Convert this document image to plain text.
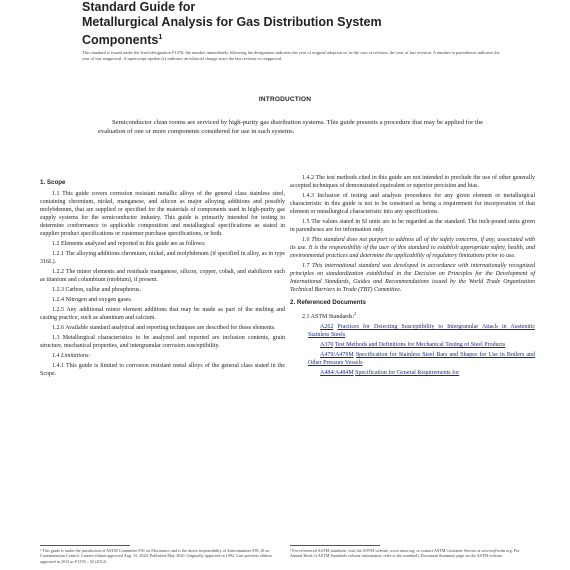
Standard Guide for
Metallurgical Analysis for Gas Distribution System
Components$^1$
This standard is issued under the fixed designation F1376; the number immediately following the designation indicates the year of original adoption or, in the case of revision, the year of last revision. A number in parentheses indicates the year of last reapproval. A superscript epsilon (ε) indicates an editorial change since the last revision or reapproval.
INTRODUCTION
Semiconductor clean rooms are serviced by high-purity gas distribution systems. This guide presents a procedure that may be applied for the evaluation of one or more components considered for use in such systems.
1. Scope

1.1 This guide covers corrosion resistant metallic alloys of the general class stainless steel, containing chromium, nickel, manganese, and silicon as major alloying additions and possibly molybdenum, that are supplied or specified for the materials of components used in high-purity gas supply systems for the semiconductor industry. This guide is primarily intended for testing to determine conformance to applicable composition and metallurgical specifications as stated in supplier product specifications or customer purchase specifications, or both.

1.2 Elements analyzed and reported in this guide are as follows:

1.2.1 The alloying additions chromium, nickel, and molybdenum (if specified in alloy, as in type 316L).

1.2.2 The minor elements and residuals manganese, silicon, copper, cobalt, and stabilizers such as titanium and columbium (niobium), if present.

1.2.3 Carbon, sulfur and phosphorus.

1.2.4 Nitrogen and oxygen gases.

1.2.5 Any additional minor element additions that may be made as part of the melting and casting practice, such as aluminum and calcium.

1.2.6 Available standard analytical and reporting techniques are described for these elements.

1.3 Metallurgical characteristics to be analyzed and reported are inclusion contents, grain structure, mechanical properties, and intergranular corrosion susceptibility.

1.4 Limitations:

1.4.1 This guide is limited to corrosion resistant metal alloys of the general class stated in the Scope.

¹ This guide is under the jurisdiction of ASTM Committee F01 on Electronics and is the direct responsibility of Subcommittee F01.10 on Contamination Control. Current edition approved Aug. 15, 2020. Published May 2020. Originally approved in 1992. Last previous edition approved in 2012 as F1376 – 92 (2012).

1.4.2 The test methods cited in this guide are not intended to preclude the use of other generally accepted techniques of demonstrated equivalent or superior precision and bias.

1.4.3 Inclusion of testing and analysis procedures for any given element or metallurgical characteristic in this guide is not to be construed as being a requirement for incorporation of that element or metallurgical characteristic into any specifications.

1.5 The values stated in SI units are to be regarded as the standard. The inch-pound units given in parentheses are for information only.

1.6 This standard does not purport to address all of the safety concerns, if any, associated with its use. It is the responsibility of the user of this standard to establish appropriate safety, health, and environmental practices and determine the applicability of regulatory limitations prior to use.

1.7 This international standard was developed in accordance with internationally recognized principles on standardization established in the Decision on Principles for the Development of International Standards, Guides and Recommendations issued by the World Trade Organization Technical Barriers to Trade (TBT) Committee.

2. Referenced Documents

2.1 ASTM Standards:$^2$

A262 Practices for Detecting Susceptibility to Intergranular Attack in Austenitic Stainless Steels

A370 Test Methods and Definitions for Mechanical Testing of Steel Products

A479/A479M Specification for Stainless Steel Bars and Shapes for Use in Boilers and Other Pressure Vessels

A484/A484M Specification for General Requirements for

² For referenced ASTM standards, visit the ASTM website, www.astm.org, or contact ASTM Customer Service at service@astm.org. For Annual Book of ASTM Standards volume information, refer to the standard's Document Summary page on the ASTM website.
